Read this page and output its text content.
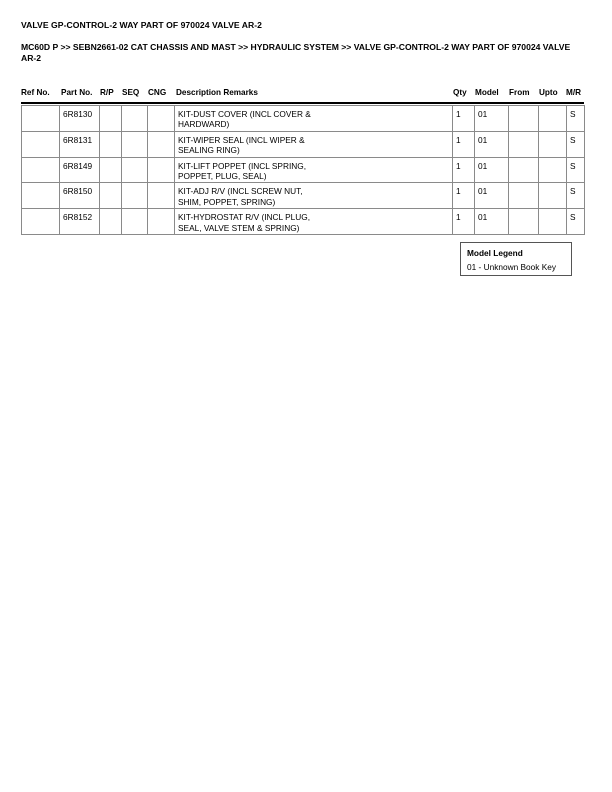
VALVE GP-CONTROL-2 WAY PART OF 970024 VALVE AR-2
MC60D P >> SEBN2661-02 CAT CHASSIS AND MAST >> HYDRAULIC SYSTEM >> VALVE GP-CONTROL-2 WAY PART OF 970024 VALVE AR-2
Ref No. Part No. R/P SEQ CNG Description Remarks	Qty Model From Upto M/R

	6R8130				KIT-DUST COVER (INCL COVER &
HARDWARD)	1	01			S

	6R8131				KIT-WIPER SEAL (INCL WIPER &
SEALING RING)	1	01			S

	6R8149				KIT-LIFT POPPET (INCL SPRING,
POPPET, PLUG, SEAL)	1	01			S

	6R8150				KIT-ADJ R/V (INCL SCREW NUT,
SHIM, POPPET, SPRING)	1	01			S

	6R8152				KIT-HYDROSTAT R/V (INCL PLUG,
SEAL, VALVE STEM & SPRING)	1	01			S
Model Legend
01 - Unknown Book Key
